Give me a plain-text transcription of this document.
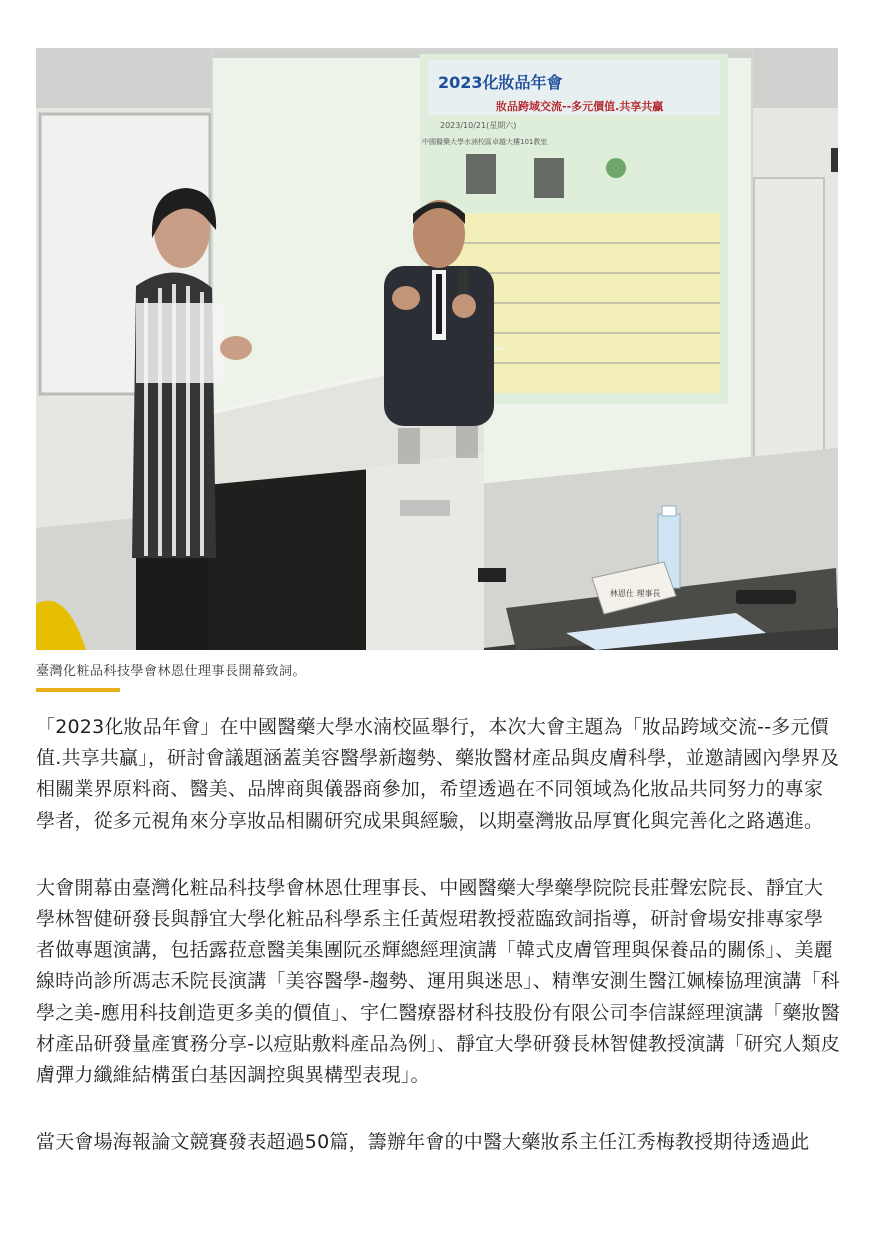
2023化妝品年會
妝品跨域交流--多元價值.共享共贏
2023/10/21(星期六)
中國醫藥大學水湳校區卓越大樓101教室
林恩仕 理事長
臺灣化粧品科技學會林恩仕理事長開幕致詞。

「2023化妝品年會」在中國醫藥大學水湳校區舉行，本次大會主題為「妝品跨域交流--多元價值.共享共贏」，研討會議題涵蓋美容醫學新趨勢、藥妝醫材產品與皮膚科學，並邀請國內學界及相關業界原料商、醫美、品牌商與儀器商參加，希望透過在不同領域為化妝品共同努力的專家學者，從多元視角來分享妝品相關研究成果與經驗，以期臺灣妝品厚實化與完善化之路邁進。

大會開幕由臺灣化粧品科技學會林恩仕理事長、中國醫藥大學藥學院院長莊聲宏院長、靜宜大學林智健研發長與靜宜大學化粧品科學系主任黃煜珺教授蒞臨致詞指導，研討會場安排專家學者做專題演講，包括露菈意醫美集團阮丞輝總經理演講「韓式皮膚管理與保養品的關係」、美麗線時尚診所馮志禾院長演講「美容醫學-趨勢、運用與迷思」、精準安測生醫江姵榛協理演講「科學之美-應用科技創造更多美的價值」、宇仁醫療器材科技股份有限公司李信謀經理演講「藥妝醫材產品研發量產實務分享-以痘貼敷料產品為例」、靜宜大學研發長林智健教授演講「研究人類皮膚彈力纖維結構蛋白基因調控與異構型表現」。

當天會場海報論文競賽發表超過50篇，籌辦年會的中醫大藥妝系主任江秀梅教授期待透過此
